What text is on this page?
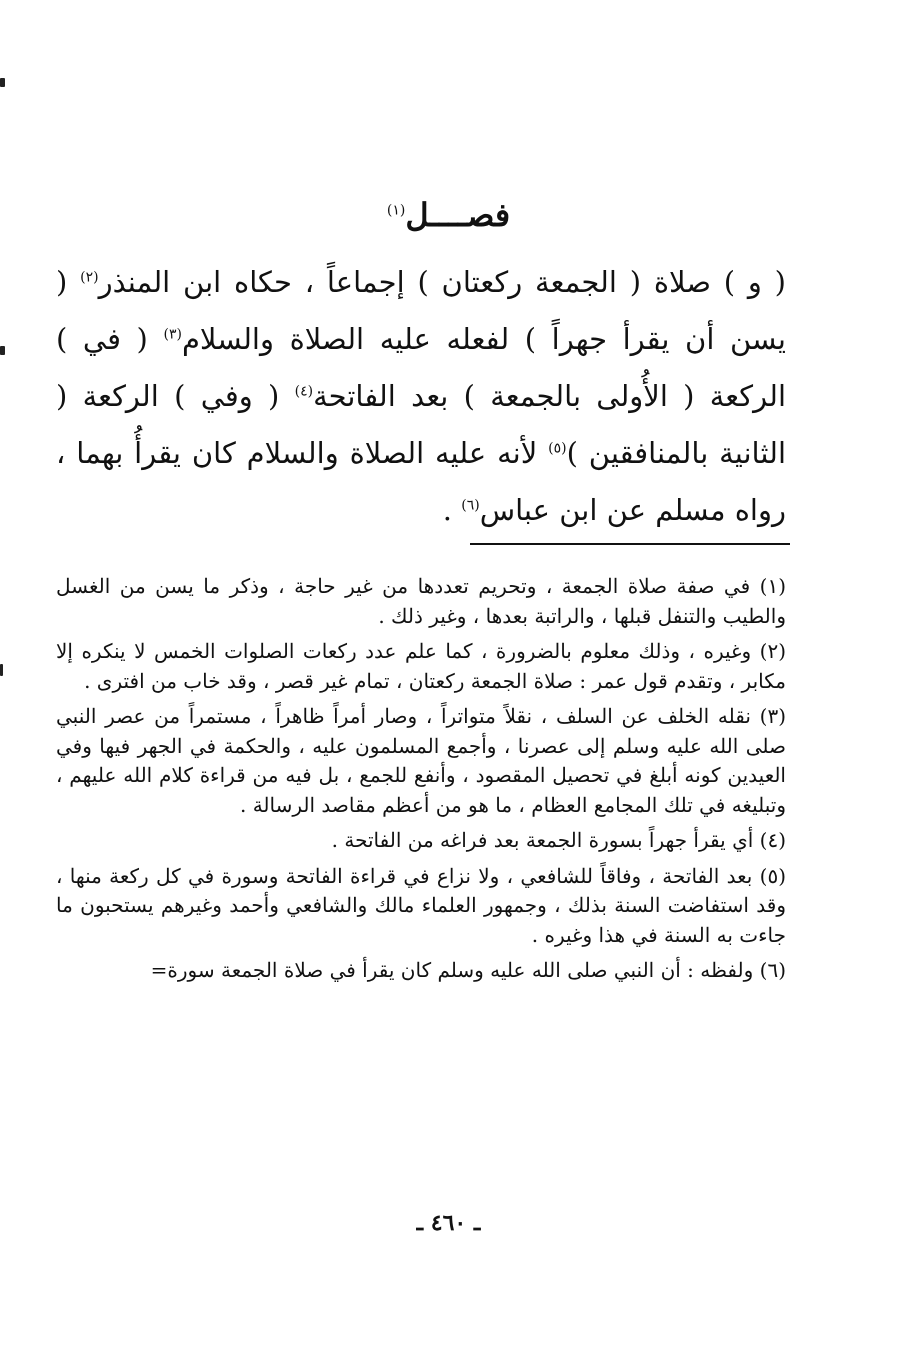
فصــــل$^{(١)}$

( و ) صلاة ( الجمعة ركعتان ) إجماعاً ، حكاه ابن المنذر$^{(٢)}$ ( يسن أن يقرأ جهراً ) لفعله عليه الصلاة والسلام$^{(٣)}$ ( في ) الركعة ( الأُولى بالجمعة ) بعد الفاتحة$^{(٤)}$ ( وفي ) الركعة ( الثانية بالمنافقين )$^{(٥)}$ لأنه عليه الصلاة والسلام كان يقرأُ بهما ، رواه مسلم عن ابن عباس$^{(٦)}$ .

(١) في صفة صلاة الجمعة ، وتحريم تعددها من غير حاجة ، وذكر ما يسن من الغسل والطيب والتنفل قبلها ، والراتبة بعدها ، وغير ذلك .

(٢) وغيره ، وذلك معلوم بالضرورة ، كما علم عدد ركعات الصلوات الخمس لا ينكره إلا مكابر ، وتقدم قول عمر : صلاة الجمعة ركعتان ، تمام غير قصر ، وقد خاب من افترى .

(٣) نقله الخلف عن السلف ، نقلاً متواتراً ، وصار أمراً ظاهراً ، مستمراً من عصر النبي صلى الله عليه وسلم إلى عصرنا ، وأجمع المسلمون عليه ، والحكمة في الجهر فيها وفي العيدين كونه أبلغ في تحصيل المقصود ، وأنفع للجمع ، بل فيه من قراءة كلام الله عليهم ، وتبليغه في تلك المجامع العظام ، ما هو من أعظم مقاصد الرسالة .

(٤) أي يقرأ جهراً بسورة الجمعة بعد فراغه من الفاتحة .

(٥) بعد الفاتحة ، وفاقاً للشافعي ، ولا نزاع في قراءة الفاتحة وسورة في كل ركعة منها ، وقد استفاضت السنة بذلك ، وجمهور العلماء مالك والشافعي وأحمد وغيرهم يستحبون ما جاءت به السنة في هذا وغيره .

(٦) ولفظه : أن النبي صلى الله عليه وسلم كان يقرأ في صلاة الجمعة سورة=

ـ ٤٦٠ ـ
